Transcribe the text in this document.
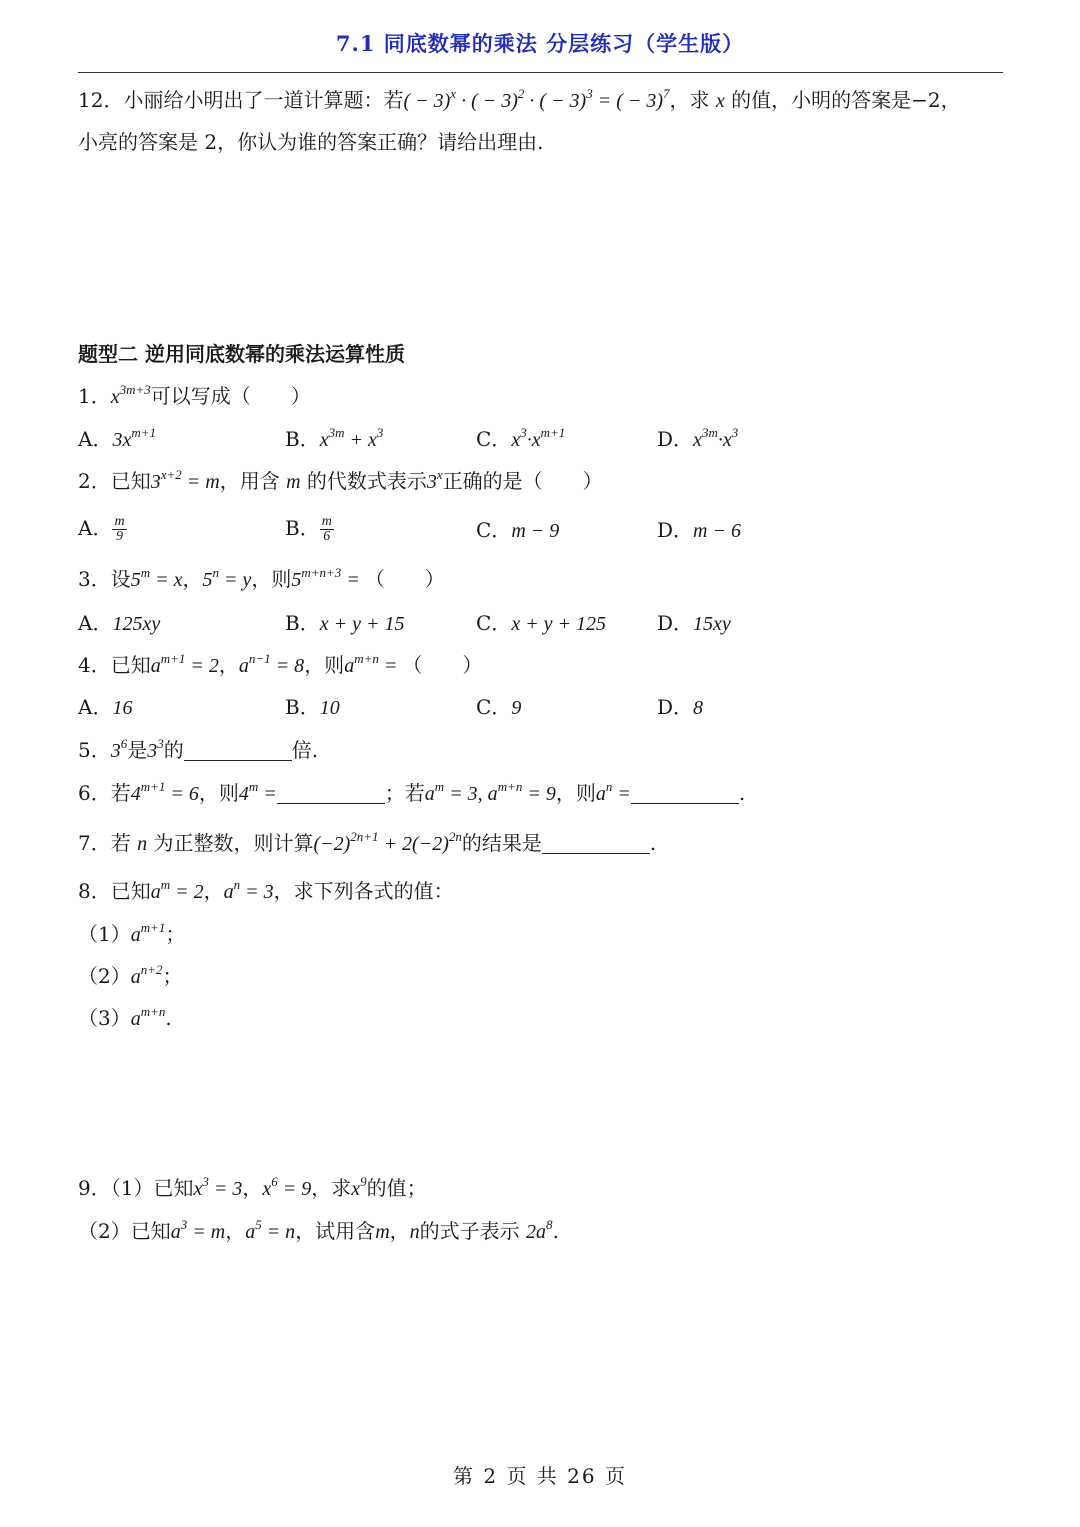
7.1 同底数幂的乘法 分层练习（学生版）
12．小丽给小明出了一道计算题：若( − 3)$^x$ · ( − 3)$^2$ · ( − 3)$^3$ = ( − 3)$^7$，求 x 的值，小明的答案是−2，
小亮的答案是 2，你认为谁的答案正确？请给出理由.
题型二 逆用同底数幂的乘法运算性质
1．$x^{3m+3}$可以写成（　　）
A．$3x^{m+1}$	B．$x^{3m} + x^3$	C．$x^3\cdot x^{m+1}$	D．$x^{3m}\cdot x^3$
2．已知$3^{x+2} = m$，用含 m 的代数式表示3$^x$正确的是（　　）
A． $\frac{m}{9}$	B． $\frac{m}{6}$	C．m − 9	D．m − 6
3．设$5^m = x$，$5^n = y$，则$5^{m+n+3}$ = （　　）
A．125xy	B．x + y + 15	C．x + y + 125	D．15xy
4．已知$a^{m+1} = 2$，$a^{n-1} = 8$，则$a^{m+n}$ = （　　）
A．16	B．10	C．9	D．8
5．$3^6$是$3^3$的	倍.
6．若$4^{m+1} = 6$，则$4^m$ =	；若$a^m = 3$, $a^{m+n} = 9$，则$a^n$ =	.
7．若 n 为正整数，则计算$(-2)^{2n+1} + 2(-2)^{2n}$的结果是	.
8．已知$a^m = 2$，$a^n = 3$，求下列各式的值：
$(1)a^{m+1}$；
$(2)a^{n+2}$；
$(3)a^{m+n}$.
9．（1）已知$x^3 = 3$，$x^6 = 9$，求$x^9$的值；
（2）已知$a^3 = m$，$a^5 = n$，试用含m，n的式子表示 $2a^8$.
第 2 页 共 26 页
